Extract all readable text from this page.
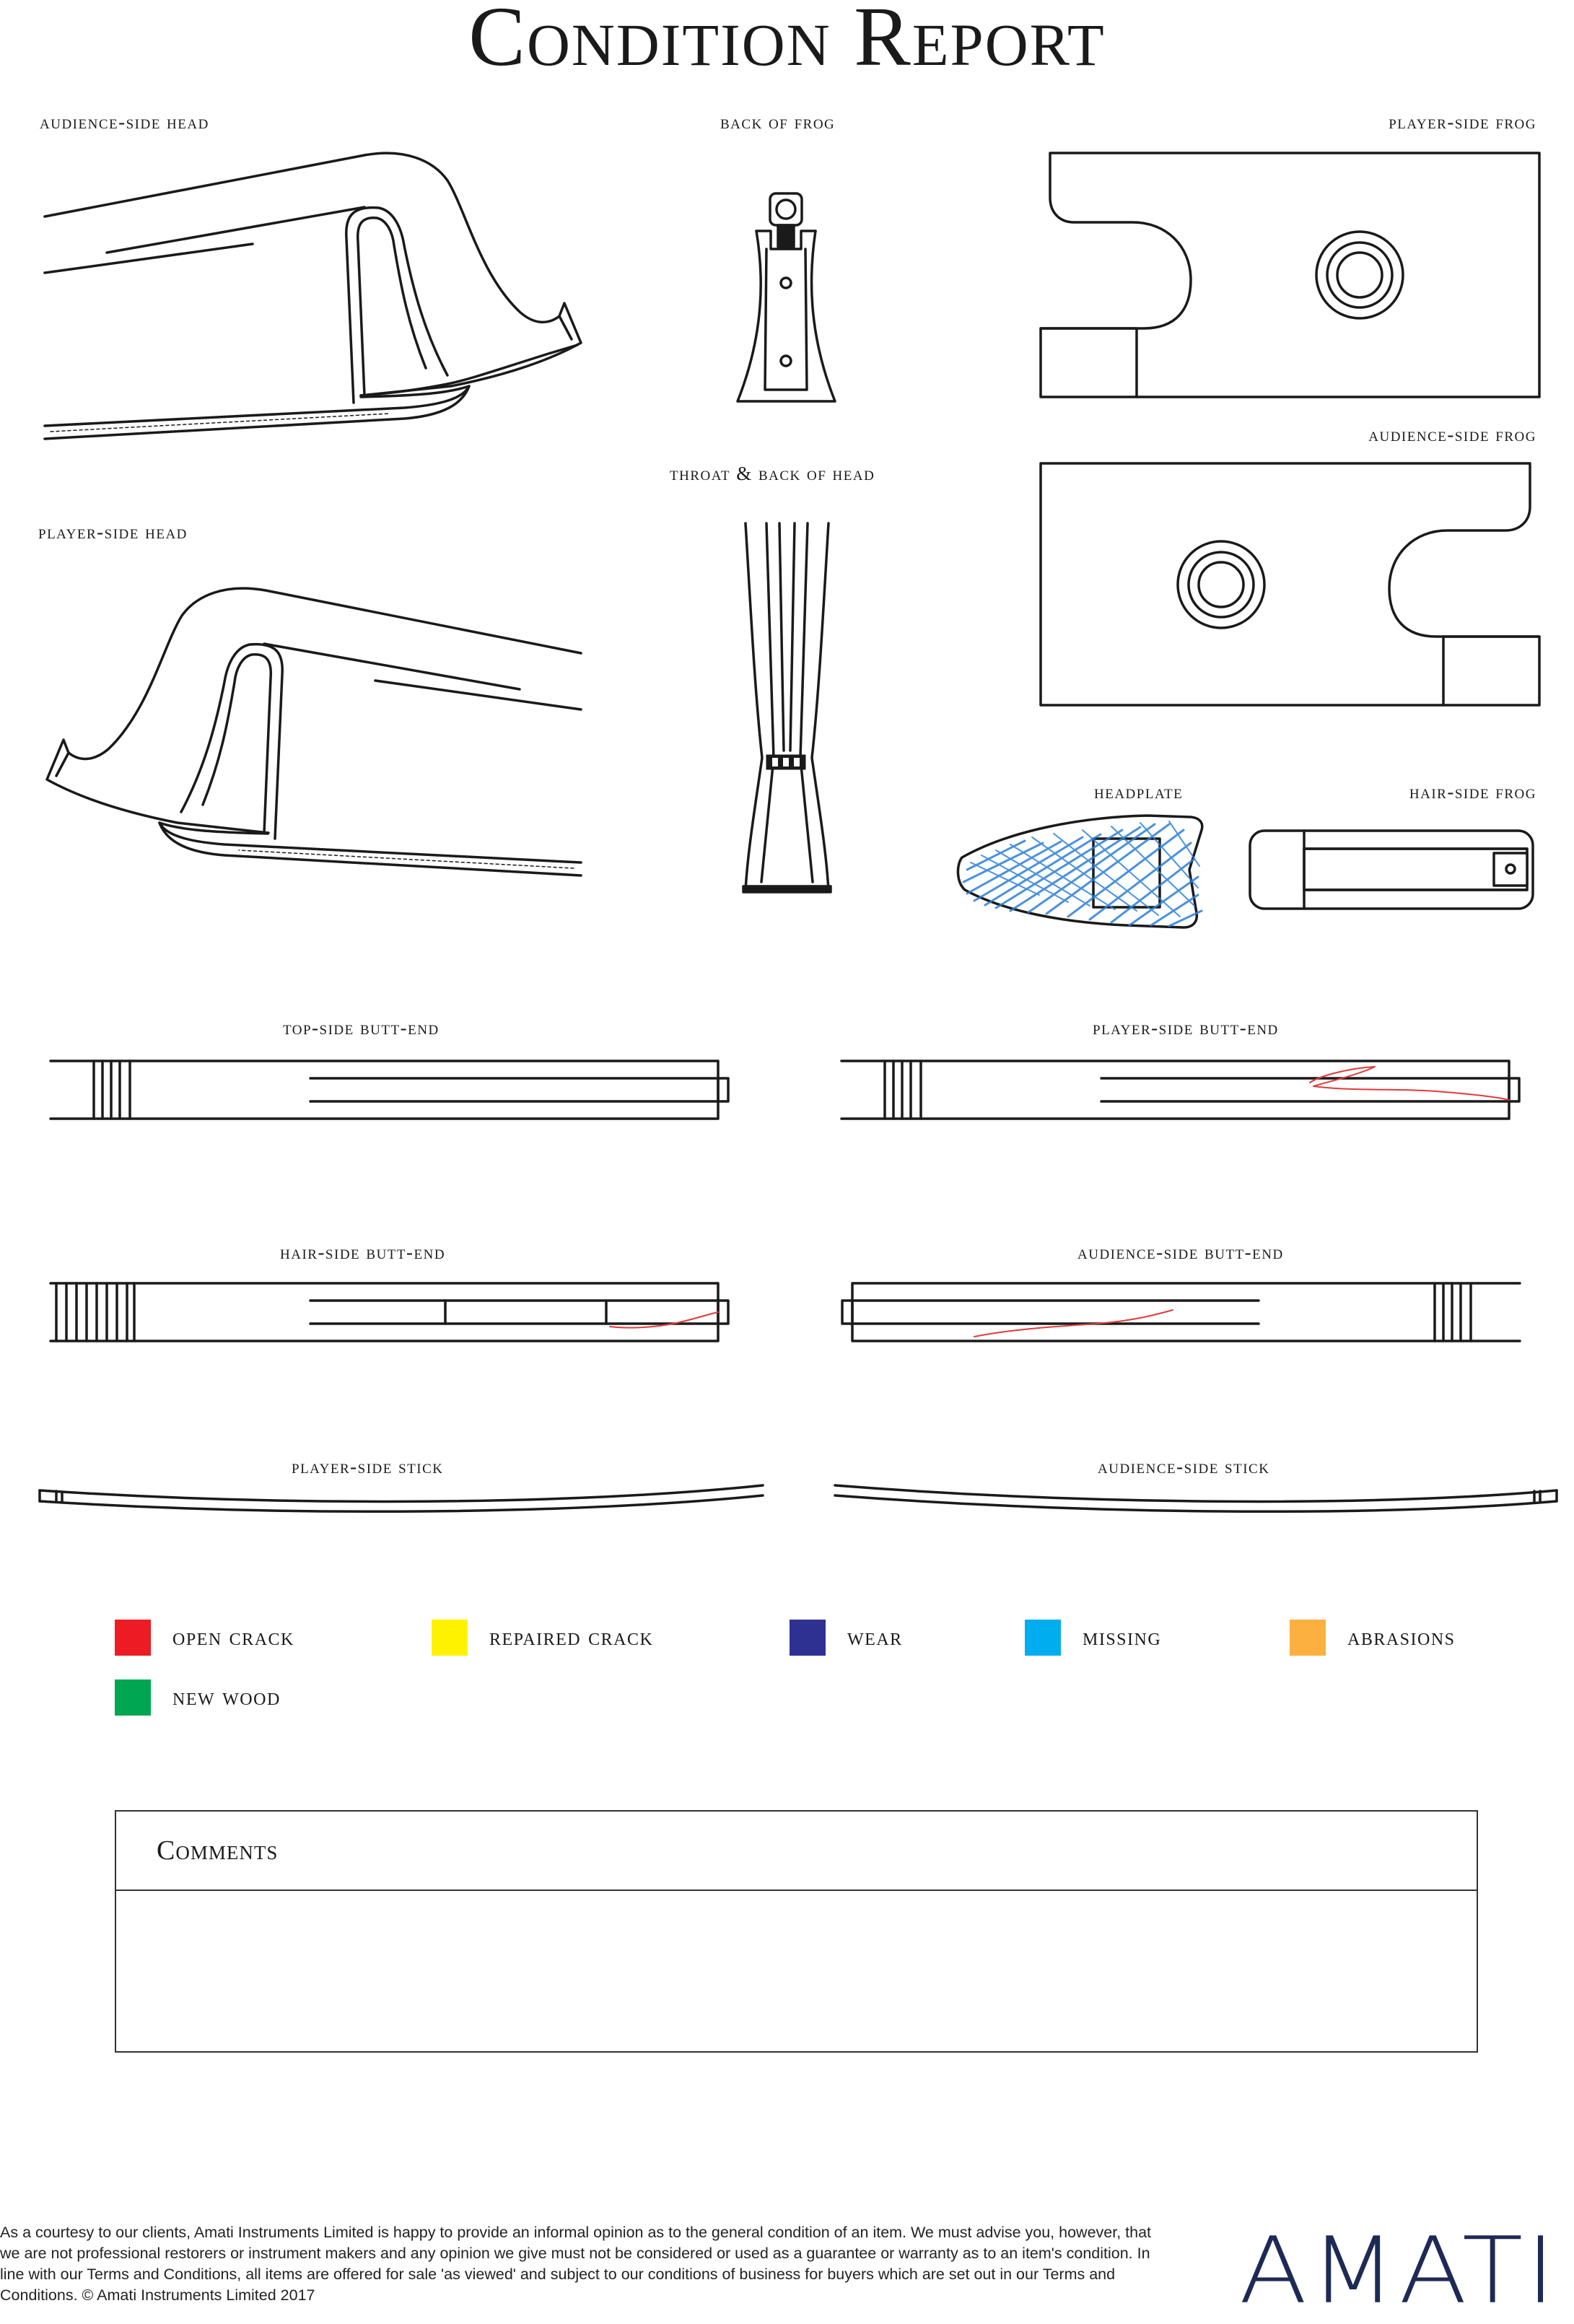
Condition Report
audience-side head	back of frog	player-side frog
audience-side frog
throat & back of head
player-side head
headplate	hair-side frog
top-side butt-end	player-side butt-end
hair-side butt-end	audience-side butt-end
player-side stick	audience-side stick
open crack	repaired crack	wear	missing	abrasions
new wood
Comments
As a courtesy to our clients, Amati Instruments Limited is happy to provide an informal opinion as to the general condition of an item. We must advise you, however, that we are not professional restorers or instrument makers and any opinion we give must not be considered or used as a guarantee or warranty as to an item's condition. In line with our Terms and Conditions, all items are offered for sale 'as viewed' and subject to our conditions of business for buyers which are set out in our Terms and Conditions. © Amati Instruments Limited 2017	AMATI
